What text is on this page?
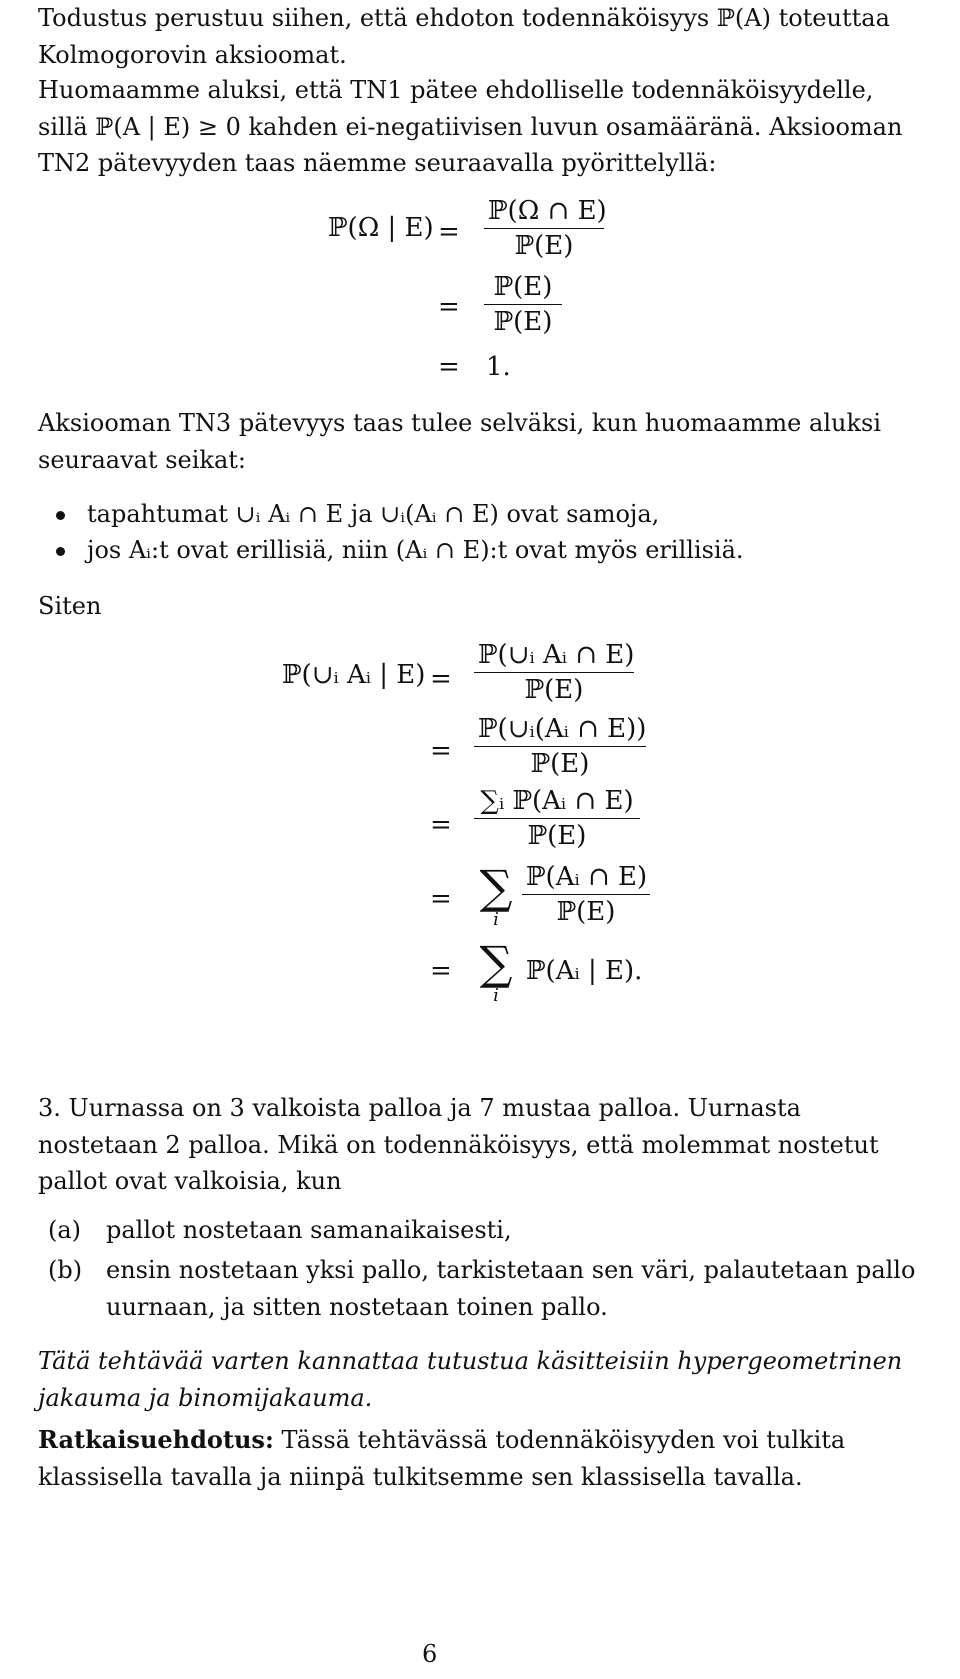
Todustus perustuu siihen, että ehdoton todennäköisyys ℙ(A) toteuttaa Kolmogorovin aksioomat.

Huomaamme aluksi, että TN1 pätee ehdolliselle todennäköisyydelle, sillä ℙ(A | E) ≥ 0 kahden ei-negatiivisen luvun osamääränä. Aksiooman TN2 pätevyyden taas näemme seuraavalla pyörittelyllä:

ℙ(Ω | E) =
ℙ(Ω ∩ E)
ℙ(E)
=
ℙ(E)
ℙ(E)
= 1.

Aksiooman TN3 pätevyys taas tulee selväksi, kun huomaamme aluksi seuraavat seikat:

tapahtumat ∪ᵢ Aᵢ ∩ E ja ∪ᵢ(Aᵢ ∩ E) ovat samoja,
jos Aᵢ:t ovat erillisiä, niin (Aᵢ ∩ E):t ovat myös erillisiä.

Siten

ℙ(∪ᵢ Aᵢ | E) =
ℙ(∪ᵢ Aᵢ ∩ E)
ℙ(E)
=
ℙ(∪ᵢ(Aᵢ ∩ E))
ℙ(E)
=
∑ᵢ ℙ(Aᵢ ∩ E)
ℙ(E)
= ∑
i
ℙ(Aᵢ ∩ E)
ℙ(E)
= ∑
i
ℙ(Aᵢ | E).

3. Uurnassa on 3 valkoista palloa ja 7 mustaa palloa. Uurnasta nostetaan 2 palloa. Mikä on todennäköisyys, että molemmat nostetut pallot ovat valkoisia, kun

(a) pallot nostetaan samanaikaisesti,
(b) ensin nostetaan yksi pallo, tarkistetaan sen väri, palautetaan pallo uurnaan, ja sitten nostetaan toinen pallo.

Tätä tehtävää varten kannattaa tutustua käsitteisiin hypergeometrinen jakauma ja binomijakauma.

Ratkaisuehdotus: Tässä tehtävässä todennäköisyyden voi tulkita klassisella tavalla ja niinpä tulkitsemme sen klassisella tavalla.

6
